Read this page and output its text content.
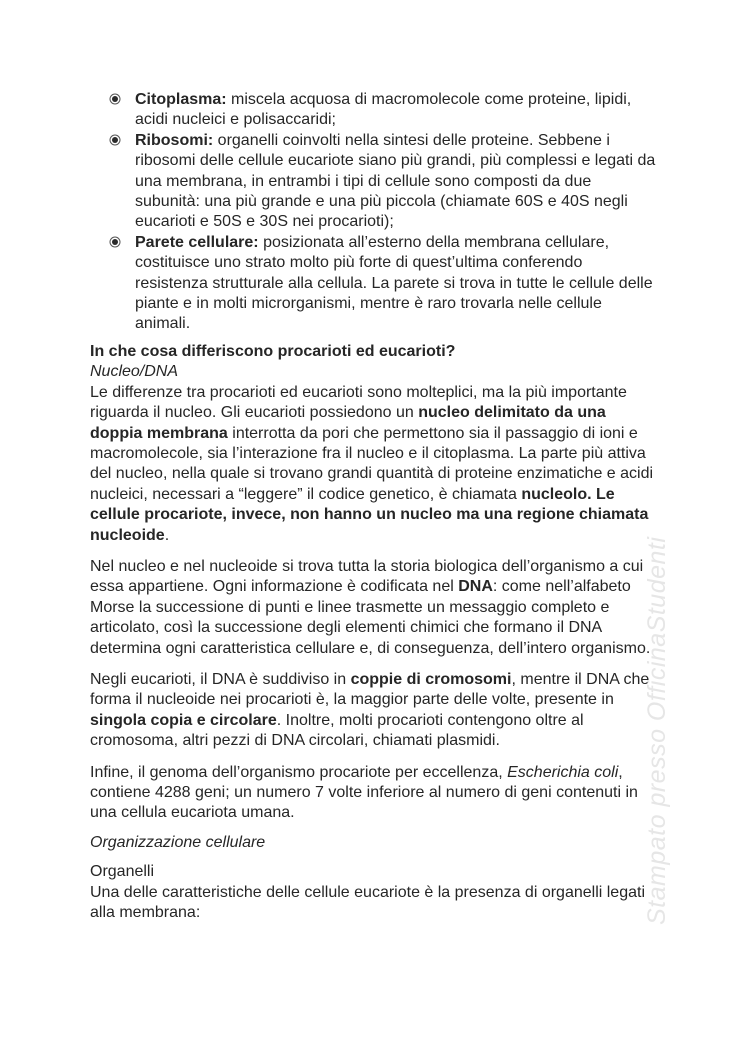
Citoplasma: miscela acquosa di macromolecole come proteine, lipidi, acidi nucleici e polisaccaridi;
Ribosomi: organelli coinvolti nella sintesi delle proteine. Sebbene i ribosomi delle cellule eucariote siano più grandi, più complessi e legati da una membrana, in entrambi i tipi di cellule sono composti da due subunità: una più grande e una più piccola (chiamate 60S e 40S negli eucarioti e 50S e 30S nei procarioti);
Parete cellulare: posizionata all’esterno della membrana cellulare, costituisce uno strato molto più forte di quest’ultima conferendo resistenza strutturale alla cellula. La parete si trova in tutte le cellule delle piante e in molti microrganismi, mentre è raro trovarla nelle cellule animali.
In che cosa differiscono procarioti ed eucarioti?
Nucleo/DNA

Le differenze tra procarioti ed eucarioti sono molteplici, ma la più importante riguarda il nucleo. Gli eucarioti possiedono un nucleo delimitato da una doppia membrana interrotta da pori che permettono sia il passaggio di ioni e macromolecole, sia l’interazione fra il nucleo e il citoplasma. La parte più attiva del nucleo, nella quale si trovano grandi quantità di proteine enzimatiche e acidi nucleici, necessari a “leggere” il codice genetico, è chiamata nucleolo. Le cellule procariote, invece, non hanno un nucleo ma una regione chiamata nucleoide.

Nel nucleo e nel nucleoide si trova tutta la storia biologica dell’organismo a cui essa appartiene. Ogni informazione è codificata nel DNA: come nell’alfabeto Morse la successione di punti e linee trasmette un messaggio completo e articolato, così la successione degli elementi chimici che formano il DNA determina ogni caratteristica cellulare e, di conseguenza, dell’intero organismo.

Negli eucarioti, il DNA è suddiviso in coppie di cromosomi, mentre il DNA che forma il nucleoide nei procarioti è, la maggior parte delle volte, presente in singola copia e circolare. Inoltre, molti procarioti contengono oltre al cromosoma, altri pezzi di DNA circolari, chiamati plasmidi.

Infine, il genoma dell’organismo procariote per eccellenza, Escherichia coli, contiene 4288 geni; un numero 7 volte inferiore al numero di geni contenuti in una cellula eucariota umana.

Organizzazione cellulare
Organelli

Una delle caratteristiche delle cellule eucariote è la presenza di organelli legati alla membrana:	Stampato presso OfficinaStudenti
